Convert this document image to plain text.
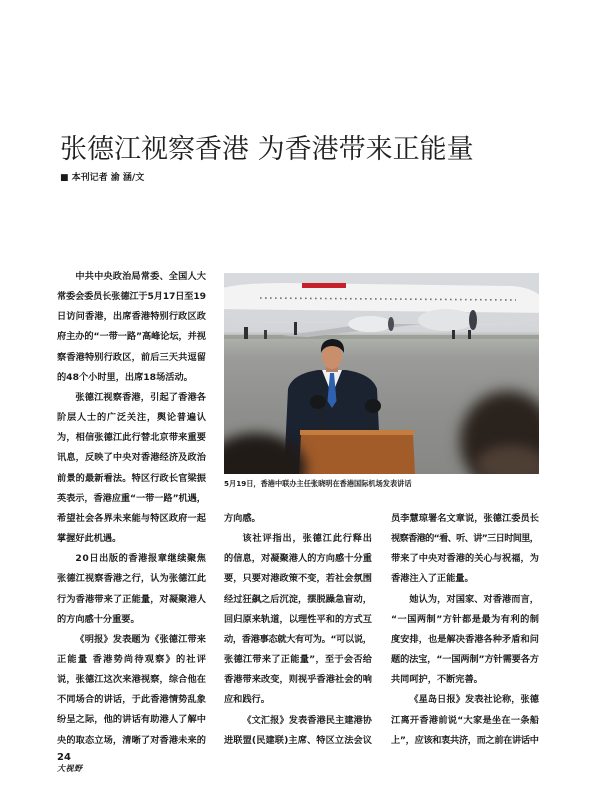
张德江视察香港 为香港带来正能量
■ 本刊记者 渝 涵/文
5月19日，香港中联办主任张晓明在香港国际机场发表讲话
中共中央政治局常委、全国人大
常委会委员长张德江于5月17日至19
日访问香港，出席香港特别行政区政
府主办的“一带一路”高峰论坛，并视
察香港特别行政区，前后三天共逗留
的48个小时里，出席18场活动。
张德江视察香港，引起了香港各
阶层人士的广泛关注，舆论普遍认
为，相信张德江此行替北京带来重要
讯息，反映了中央对香港经济及政治
前景的最新看法。特区行政长官梁振
英表示，香港应重“一带一路”机遇，
希望社会各界未来能与特区政府一起
掌握好此机遇。
20日出版的香港报章继续聚焦
张德江视察香港之行，认为张德江此
行为香港带来了正能量，对凝聚港人
的方向感十分重要。
《明报》发表题为《张德江带来
正能量 香港势尚待观察》的社评
说，张德江这次来港视察，综合他在
不同场合的讲话，于此香港情势乱象
纷呈之际，他的讲话有助港人了解中
央的取态立场，清晰了对香港未来的
方向感。
该社评指出，张德江此行释出
的信息，对凝聚港人的方向感十分重
要，只要对港政策不变，若社会氛围
经过狂飙之后沉淀，摆脱躁急盲动，
回归原来轨道，以理性平和的方式互
动，香港事态就大有可为。“可以说，
张德江带来了正能量”，至于会否给
香港带来改变，则视乎香港社会的响
应和践行。
《文汇报》发表香港民主建港协
进联盟(民建联)主席、特区立法会议
员李慧琼署名文章说，张德江委员长
视察香港的“看、听、讲”三日时间里，
带来了中央对香港的关心与祝福，为
香港注入了正能量。
她认为，对国家、对香港而言，
“一国两制”方针都是最为有利的制
度安排，也是解决香港各种矛盾和问
题的法宝，“一国两制”方针需要各方
共同呵护，不断完善。
《星岛日报》发表社论称，张德
江离开香港前说“大家是坐在一条船
上”，应该和衷共济，而之前在讲话中
24
大视野
